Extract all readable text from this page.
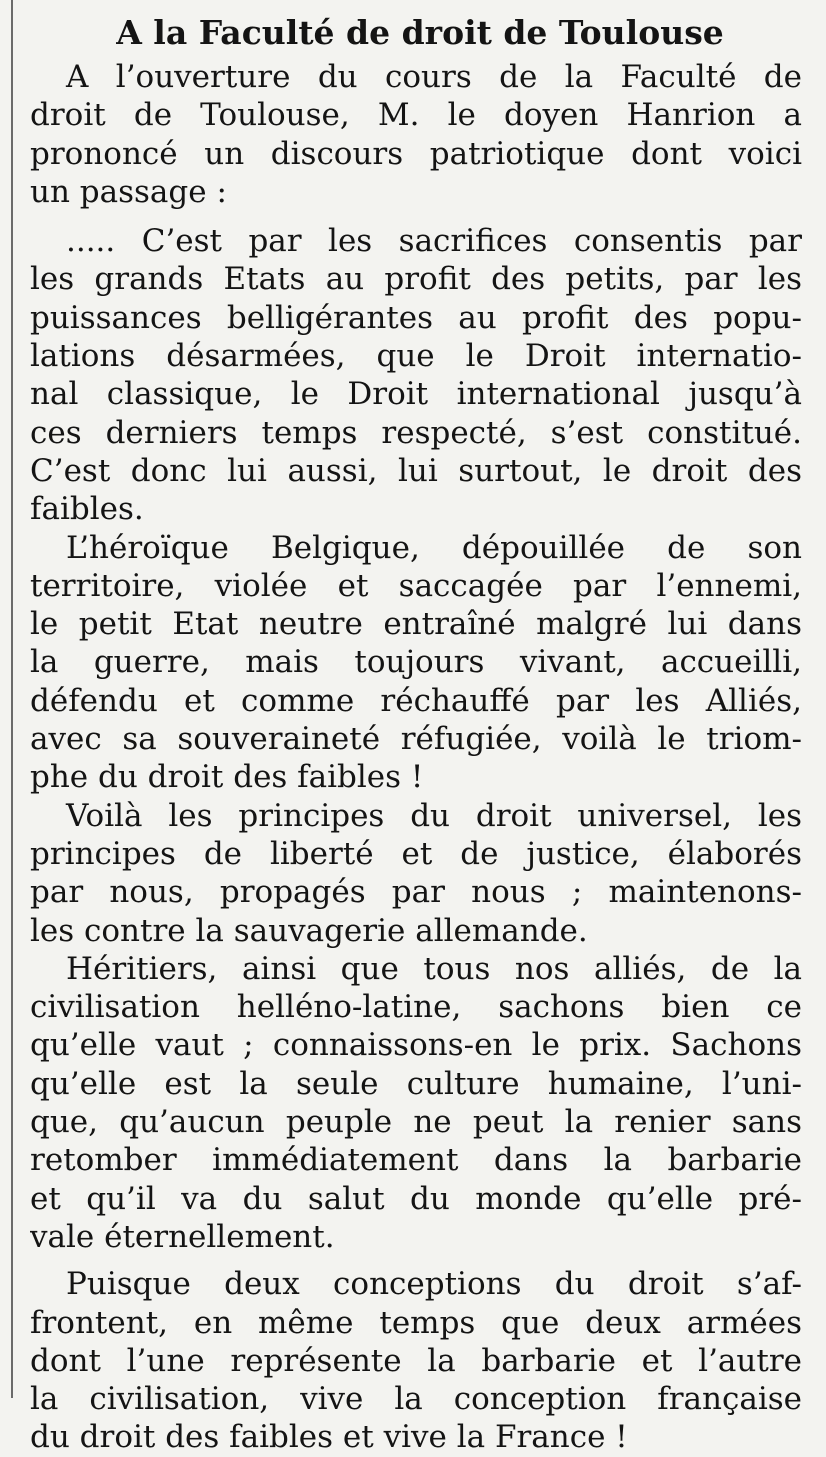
A la Faculté de droit de Toulouse
A l’ouverture du cours de la Faculté de
droit de Toulouse, M. le doyen Hanrion a
prononcé un discours patriotique dont voici
un passage :
..... C’est par les sacrifices consentis par
les grands Etats au profit des petits, par les
puissances belligérantes au profit des popu-
lations désarmées, que le Droit internatio-
nal classique, le Droit international jusqu’à
ces derniers temps respecté, s’est constitué.
C’est donc lui aussi, lui surtout, le droit des
faibles.
L’héroïque Belgique, dépouillée de son
territoire, violée et saccagée par l’ennemi,
le petit Etat neutre entraîné malgré lui dans
la guerre, mais toujours vivant, accueilli,
défendu et comme réchauffé par les Alliés,
avec sa souveraineté réfugiée, voilà le triom-
phe du droit des faibles !
Voilà les principes du droit universel, les
principes de liberté et de justice, élaborés
par nous, propagés par nous ; maintenons-
les contre la sauvagerie allemande.
Héritiers, ainsi que tous nos alliés, de la
civilisation helléno-latine, sachons bien ce
qu’elle vaut ; connaissons-en le prix. Sachons
qu’elle est la seule culture humaine, l’uni-
que, qu’aucun peuple ne peut la renier sans
retomber immédiatement dans la barbarie
et qu’il va du salut du monde qu’elle pré-
vale éternellement.
Puisque deux conceptions du droit s’af-
frontent, en même temps que deux armées
dont l’une représente la barbarie et l’autre
la civilisation, vive la conception française
du droit des faibles et vive la France !
